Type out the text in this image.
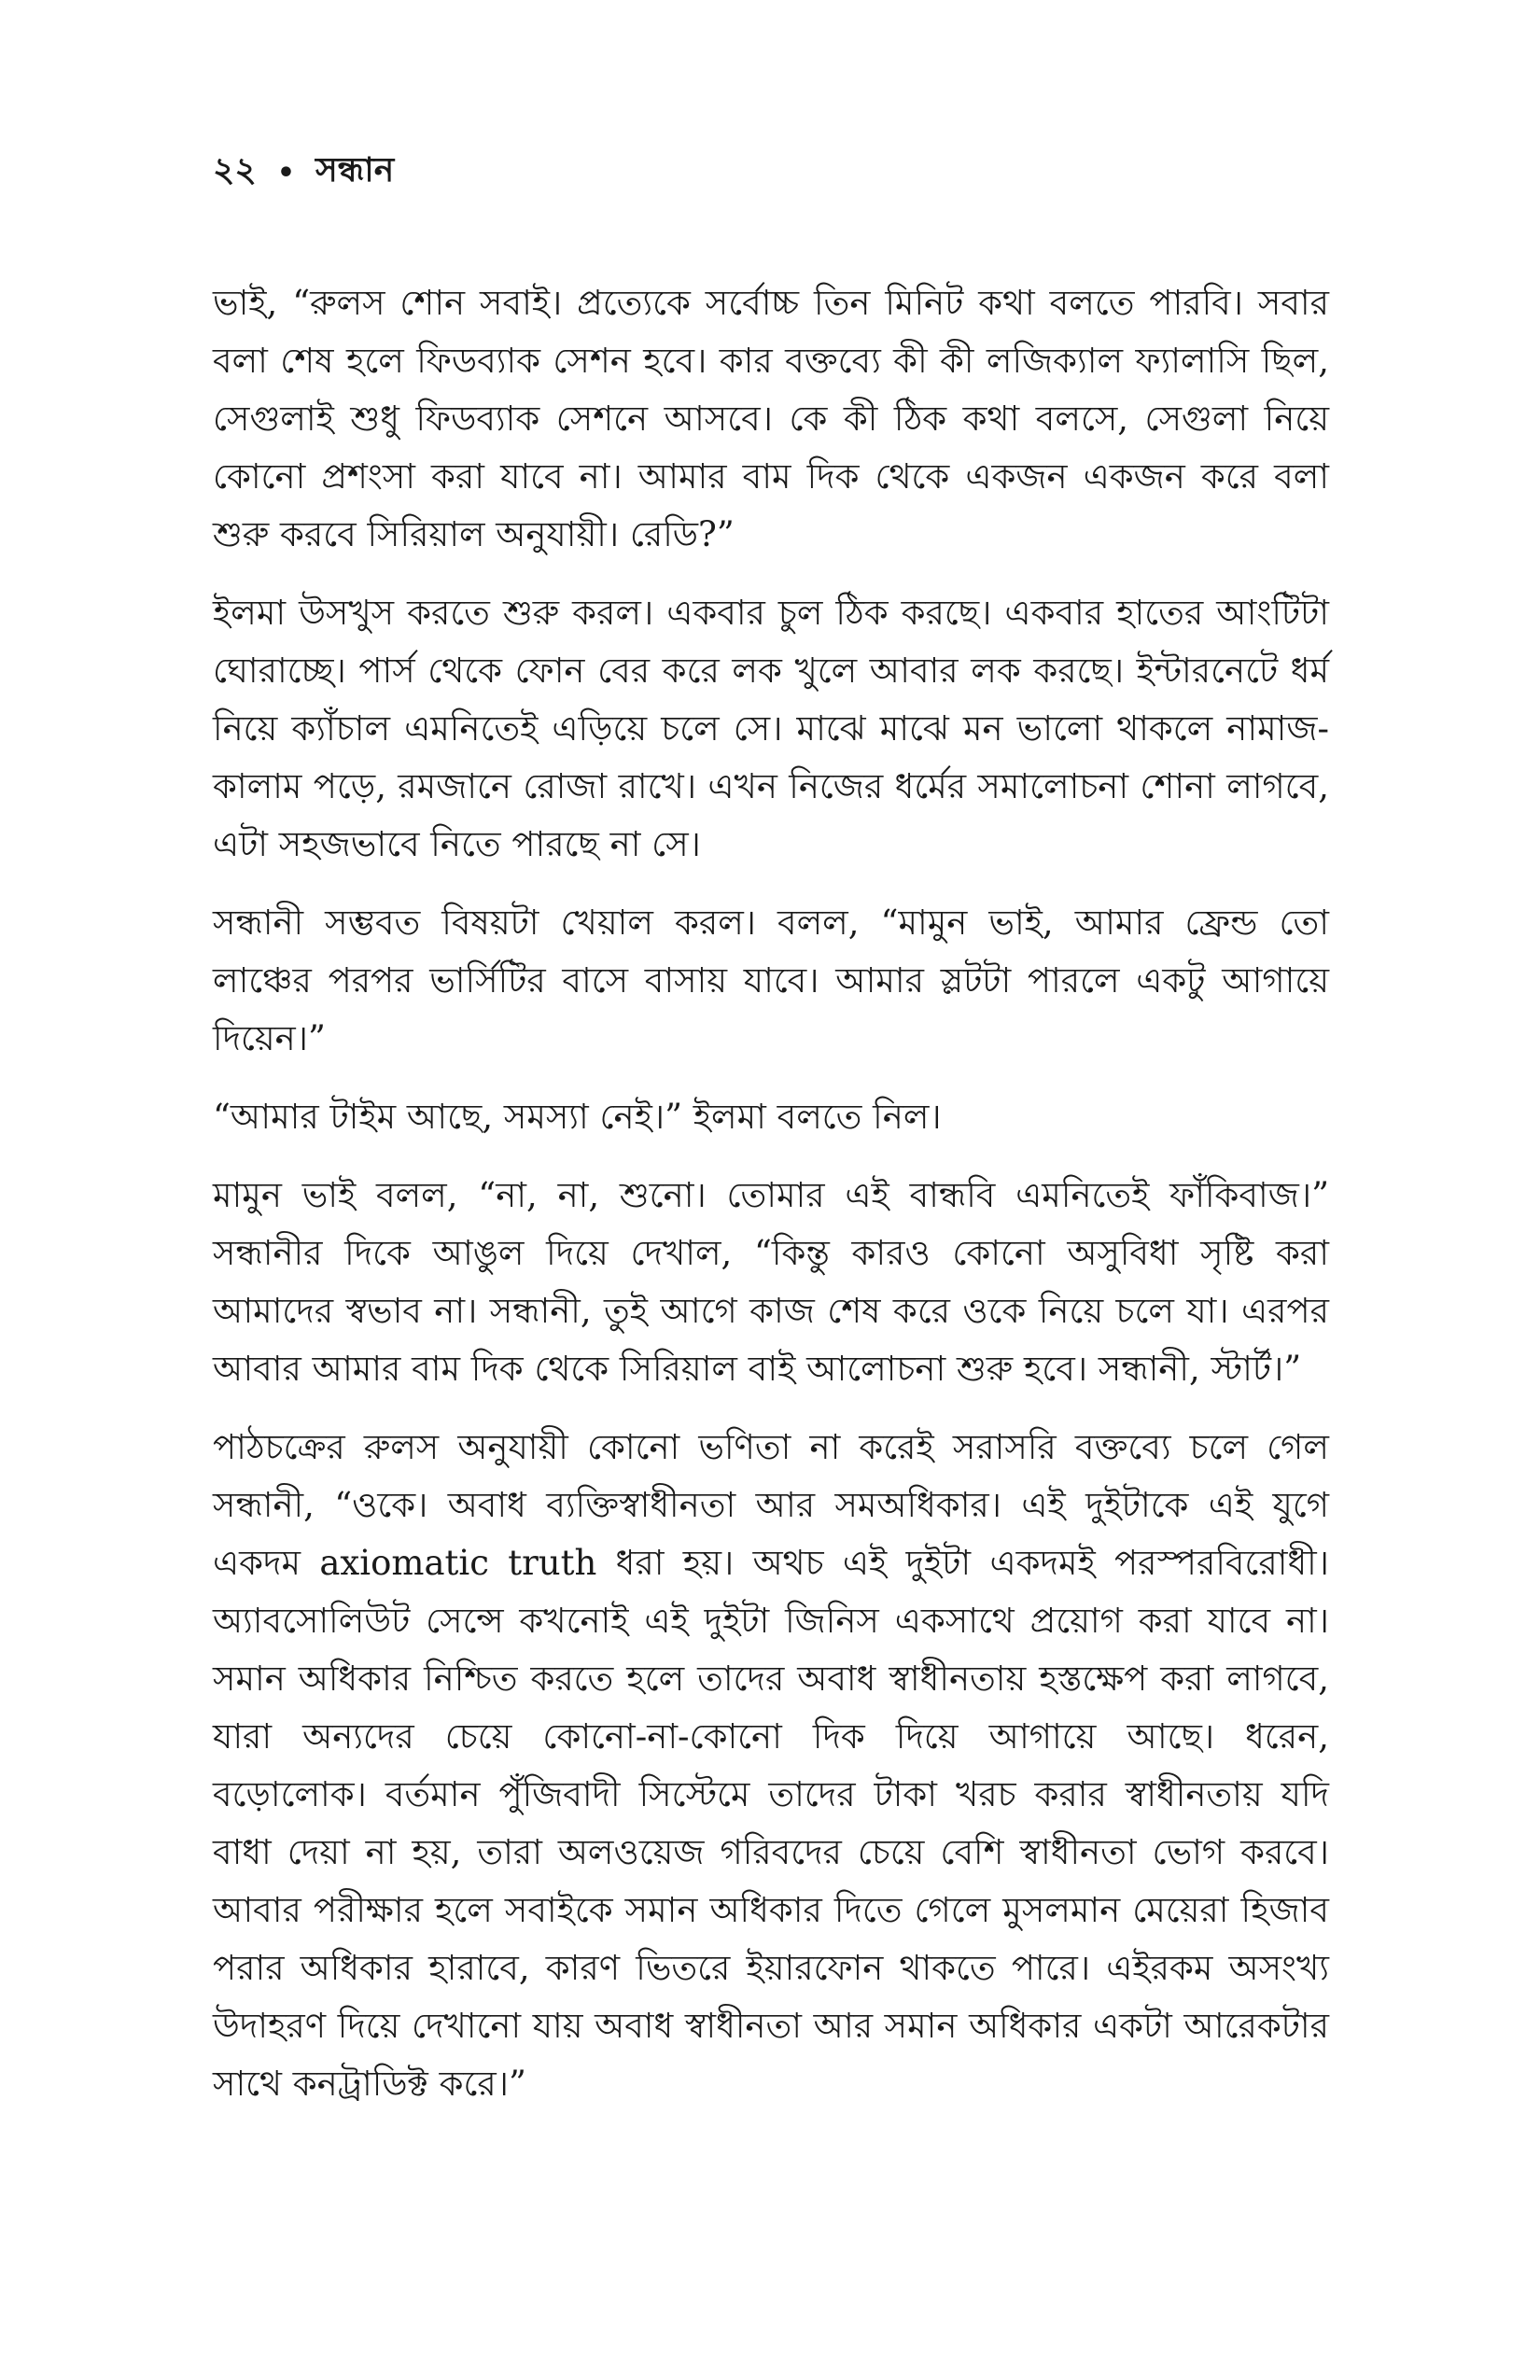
২২ • সন্ধান

ভাই, “রুলস শোন সবাই। প্রত্যেকে সর্বোচ্চ তিন মিনিট কথা বলতে পারবি। সবার বলা শেষ হলে ফিডব্যাক সেশন হবে। কার বক্তব্যে কী কী লজিক্যাল ফ্যালাসি ছিল, সেগুলাই শুধু ফিডব্যাক সেশনে আসবে। কে কী ঠিক কথা বলসে, সেগুলা নিয়ে কোনো প্রশংসা করা যাবে না। আমার বাম দিক থেকে একজন একজন করে বলা শুরু করবে সিরিয়াল অনুযায়ী। রেডি?”

ইলমা উসখুস করতে শুরু করল। একবার চুল ঠিক করছে। একবার হাতের আংটিটা ঘোরাচ্ছে। পার্স থেকে ফোন বের করে লক খুলে আবার লক করছে। ইন্টারনেটে ধর্ম নিয়ে ক্যাঁচাল এমনিতেই এড়িয়ে চলে সে। মাঝে মাঝে মন ভালো থাকলে নামাজ-কালাম পড়ে, রমজানে রোজা রাখে। এখন নিজের ধর্মের সমালোচনা শোনা লাগবে, এটা সহজভাবে নিতে পারছে না সে।

সন্ধানী সম্ভবত বিষয়টা খেয়াল করল। বলল, “মামুন ভাই, আমার ফ্রেন্ড তো লাঞ্চের পরপর ভার্সিটির বাসে বাসায় যাবে। আমার স্লটটা পারলে একটু আগায়ে দিয়েন।”

“আমার টাইম আছে, সমস্যা নেই।” ইলমা বলতে নিল।

মামুন ভাই বলল, “না, না, শুনো। তোমার এই বান্ধবি এমনিতেই ফাঁকিবাজ।” সন্ধানীর দিকে আঙুল দিয়ে দেখাল, “কিন্তু কারও কোনো অসুবিধা সৃষ্টি করা আমাদের স্বভাব না। সন্ধানী, তুই আগে কাজ শেষ করে ওকে নিয়ে চলে যা। এরপর আবার আমার বাম দিক থেকে সিরিয়াল বাই আলোচনা শুরু হবে। সন্ধানী, স্টার্ট।”

পাঠচক্রের রুলস অনুযায়ী কোনো ভণিতা না করেই সরাসরি বক্তব্যে চলে গেল সন্ধানী, “ওকে। অবাধ ব্যক্তিস্বাধীনতা আর সমঅধিকার। এই দুইটাকে এই যুগে একদম axiomatic truth ধরা হয়। অথচ এই দুইটা একদমই পরস্পরবিরোধী। অ্যাবসোলিউট সেন্সে কখনোই এই দুইটা জিনিস একসাথে প্রয়োগ করা যাবে না। সমান অধিকার নিশ্চিত করতে হলে তাদের অবাধ স্বাধীনতায় হস্তক্ষেপ করা লাগবে, যারা অন্যদের চেয়ে কোনো-না-কোনো দিক দিয়ে আগায়ে আছে। ধরেন, বড়োলোক। বর্তমান পুঁজিবাদী সিস্টেমে তাদের টাকা খরচ করার স্বাধীনতায় যদি বাধা দেয়া না হয়, তারা অলওয়েজ গরিবদের চেয়ে বেশি স্বাধীনতা ভোগ করবে। আবার পরীক্ষার হলে সবাইকে সমান অধিকার দিতে গেলে মুসলমান মেয়েরা হিজাব পরার অধিকার হারাবে, কারণ ভিতরে ইয়ারফোন থাকতে পারে। এইরকম অসংখ্য উদাহরণ দিয়ে দেখানো যায় অবাধ স্বাধীনতা আর সমান অধিকার একটা আরেকটার সাথে কনট্রাডিক্ট করে।”
